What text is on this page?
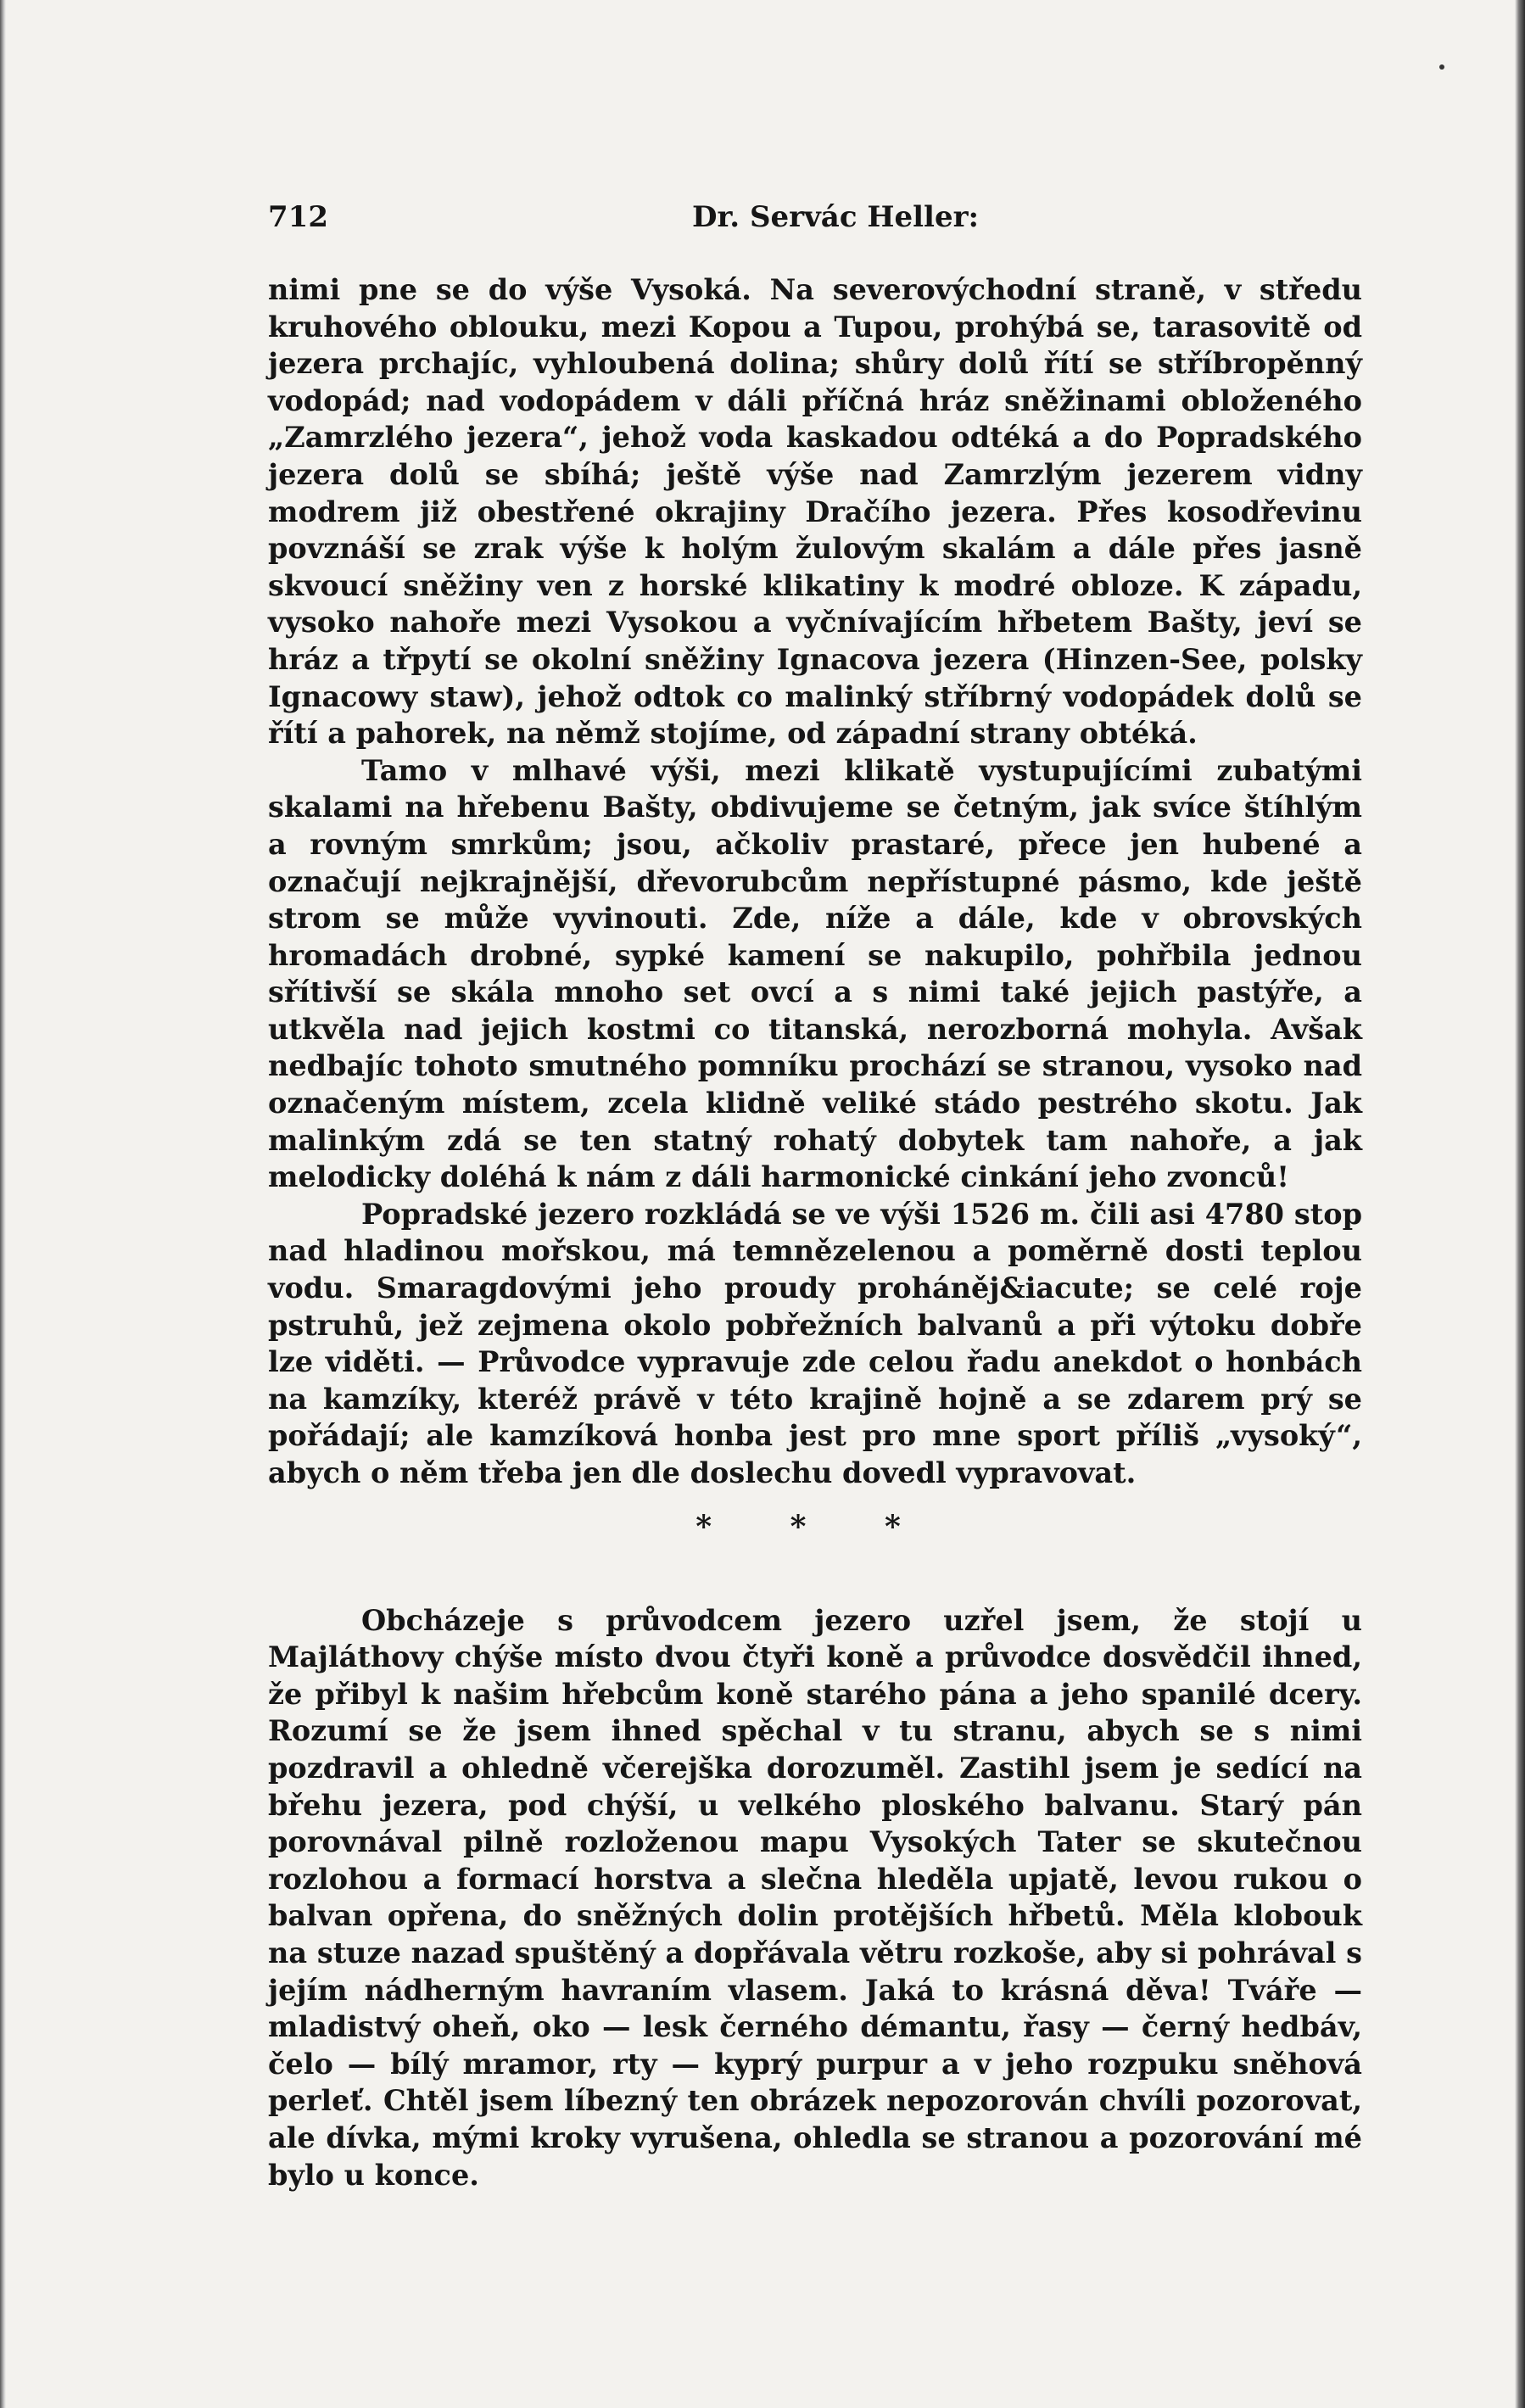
712	Dr. Servác Heller:

nimi pne se do výše Vysoká. Na severovýchodní straně, v středu kruhového oblouku, mezi Kopou a Tupou, prohýbá se, tarasovitě od jezera prchajíc, vyhloubená dolina; shůry dolů řítí se stříbropěnný vodopád; nad vodopádem v dáli příčná hráz sněžinami obloženého „Zamrzlého jezera“, jehož voda kaskadou odtéká a do Popradského jezera dolů se sbíhá; ještě výše nad Zamrzlým jezerem vidny modrem již obestřené okrajiny Dračího jezera. Přes kosodřevinu povznáší se zrak výše k holým žulovým skalám a dále přes jasně skvoucí sněžiny ven z horské klikatiny k modré obloze. K západu, vysoko nahoře mezi Vysokou a vyčnívajícím hřbetem Bašty, jeví se hráz a třpytí se okolní sněžiny Ignacova jezera (Hinzen-See, polsky Ignacowy staw), jehož odtok co malinký stříbrný vodopádek dolů se řítí a pahorek, na němž stojíme, od západní strany obtéká.

Tamo v mlhavé výši, mezi klikatě vystupujícími zubatými skalami na hřebenu Bašty, obdivujeme se četným, jak svíce štíhlým a rovným smrkům; jsou, ačkoliv prastaré, přece jen hubené a označují nejkrajnější, dřevorubcům nepřístupné pásmo, kde ještě strom se může vyvinouti. Zde, níže a dále, kde v obrovských hromadách drobné, sypké kamení se nakupilo, pohřbila jednou sřítivší se skála mnoho set ovcí a s nimi také jejich pastýře, a utkvěla nad jejich kostmi co titanská, nerozborná mohyla. Avšak nedbajíc tohoto smutného pomníku prochází se stranou, vysoko nad označeným místem, zcela klidně veliké stádo pestrého skotu. Jak malinkým zdá se ten statný rohatý dobytek tam nahoře, a jak melodicky doléhá k nám z dáli harmonické cinkání jeho zvonců!

Popradské jezero rozkládá se ve výši 1526 m. čili asi 4780 stop nad hladinou mořskou, má temnězelenou a poměrně dosti teplou vodu. Smaragdovými jeho proudy proháněj&iacute; se celé roje pstruhů, jež zejmena okolo pobřežních balvanů a při výtoku dobře lze viděti. — Průvodce vypravuje zde celou řadu anekdot o honbách na kamzíky, kteréž právě v této krajině hojně a se zdarem prý se pořádají; ale kamzíková honba jest pro mne sport příliš „vysoký“, abych o něm třeba jen dle doslechu dovedl vypravovat.

* * *

Obcházeje s průvodcem jezero uzřel jsem, že stojí u Majláthovy chýše místo dvou čtyři koně a průvodce dosvědčil ihned, že přibyl k našim hřebcům koně starého pána a jeho spanilé dcery. Rozumí se že jsem ihned spěchal v tu stranu, abych se s nimi pozdravil a ohledně včerejška dorozuměl. Zastihl jsem je sedící na břehu jezera, pod chýší, u velkého ploského balvanu. Starý pán porovnával pilně rozloženou mapu Vysokých Tater se skutečnou rozlohou a formací horstva a slečna hleděla upjatě, levou rukou o balvan opřena, do sněžných dolin protějších hřbetů. Měla klobouk na stuze nazad spuštěný a dopřávala větru rozkoše, aby si pohrával s jejím nádherným havraním vlasem. Jaká to krásná děva! Tváře — mladistvý oheň, oko — lesk černého démantu, řasy — černý hedbáv, čelo — bílý mramor, rty — kyprý purpur a v jeho rozpuku sněhová perleť. Chtěl jsem líbezný ten obrázek nepozorován chvíli pozorovat, ale dívka, mými kroky vyrušena, ohledla se stranou a pozorování mé bylo u konce.
